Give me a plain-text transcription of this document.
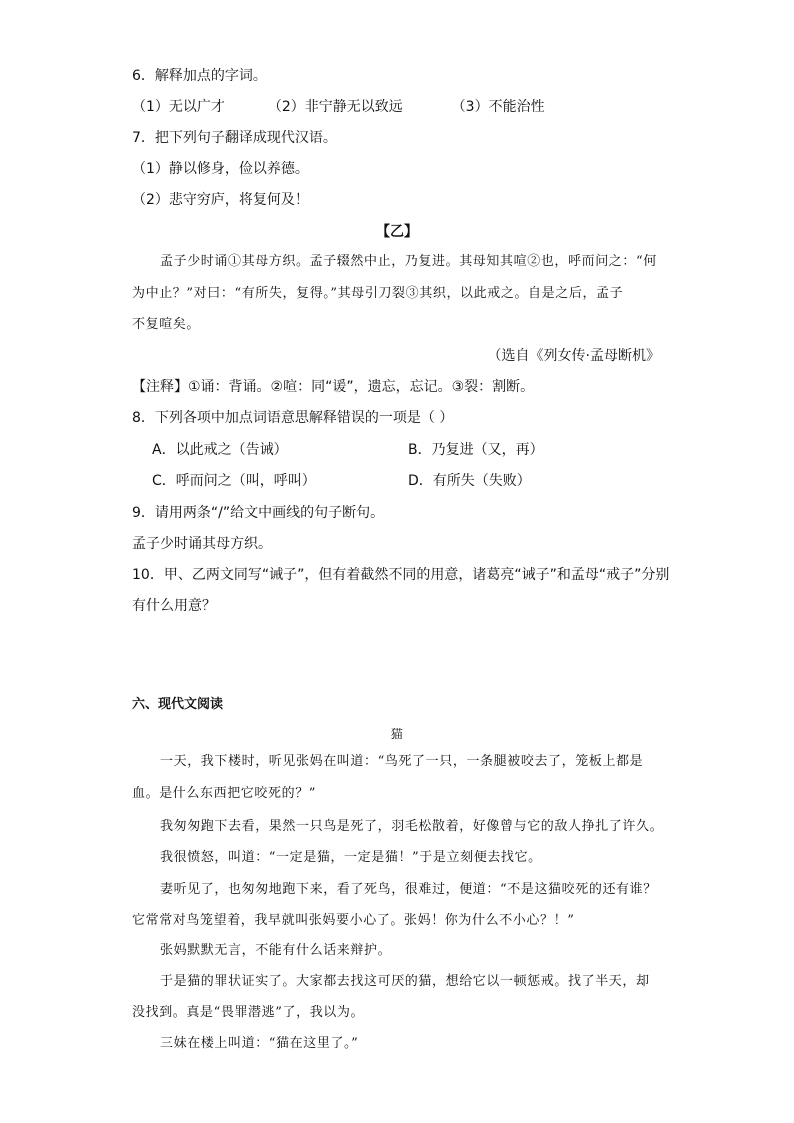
6．解释加点的字词。
（1）无以广才	（2）非宁静无以致远	（3）不能治性
7．把下列句子翻译成现代汉语。
（1）静以修身，俭以养德。
（2）悲守穷庐，将复何及！
【乙】
孟子少时诵①其母方织。孟子辍然中止，乃复进。其母知其喧②也，呼而问之：“何
为中止？”对曰：“有所失，复得。”其母引刀裂③其织，以此戒之。自是之后，孟子
不复喧矣。
（选自《列女传·孟母断机》
【注释】①诵：背诵。②喧：同“谖”，遗忘，忘记。③裂：割断。
8．下列各项中加点词语意思解释错误的一项是（ ）
A．以此戒之（告诫）	B．乃复进（又，再）
C．呼而问之（叫，呼叫）	D．有所失（失败）
9．请用两条“/”给文中画线的句子断句。
孟子少时诵其母方织。
10．甲、乙两文同写“诫子”，但有着截然不同的用意，诸葛亮“诫子”和孟母“戒子”分别
有什么用意？
六、现代文阅读
猫
一天，我下楼时，听见张妈在叫道：“鸟死了一只，一条腿被咬去了，笼板上都是
血。是什么东西把它咬死的？”
我匆匆跑下去看，果然一只鸟是死了，羽毛松散着，好像曾与它的敌人挣扎了许久。
我很愤怒，叫道：“一定是猫，一定是猫！”于是立刻便去找它。
妻听见了，也匆匆地跑下来，看了死鸟，很难过，便道：“不是这猫咬死的还有谁？
它常常对鸟笼望着，我早就叫张妈要小心了。张妈！你为什么不小心？！”
张妈默默无言，不能有什么话来辩护。
于是猫的罪状证实了。大家都去找这可厌的猫，想给它以一顿惩戒。找了半天，却
没找到。真是“畏罪潜逃”了，我以为。
三妹在楼上叫道：“猫在这里了。”
